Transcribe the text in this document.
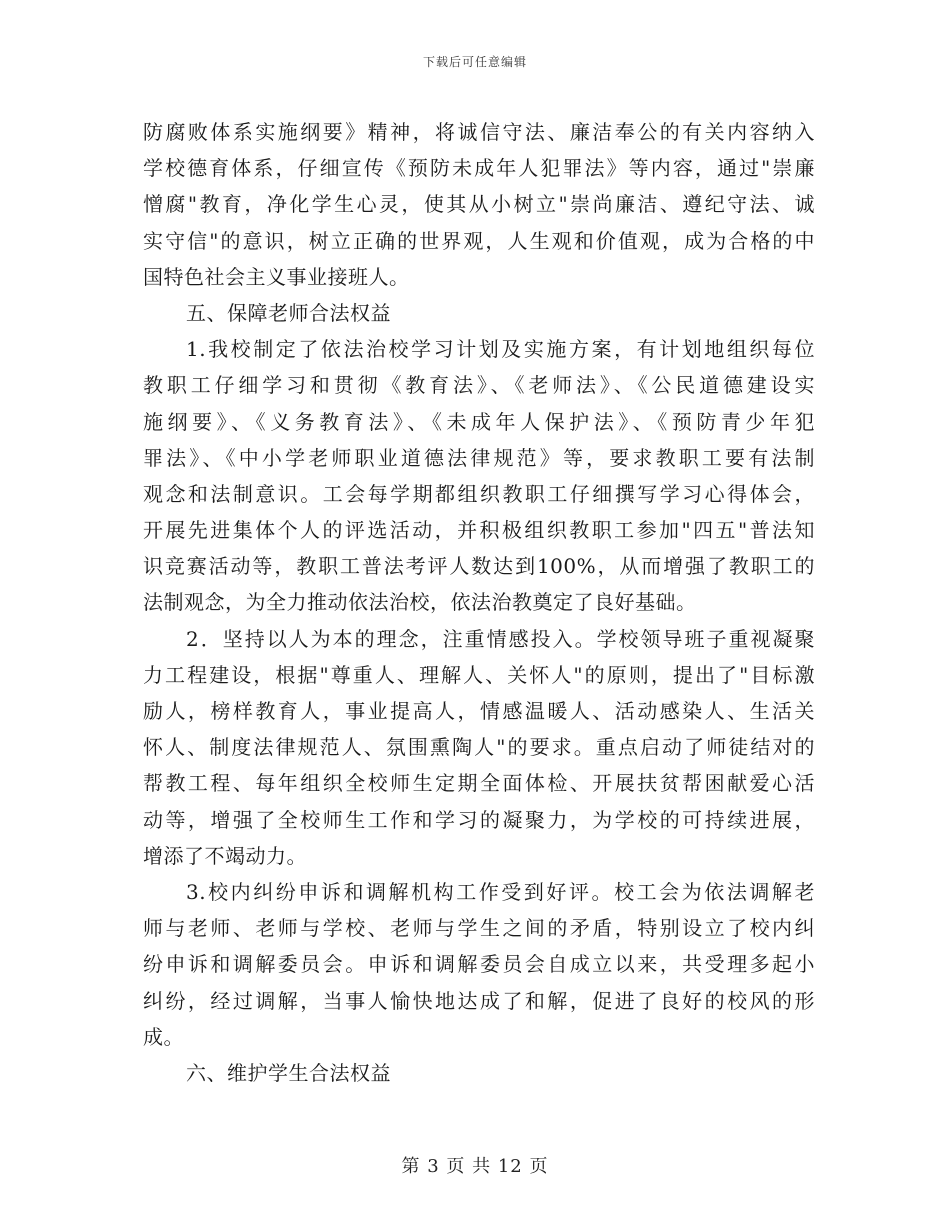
下载后可任意编辑
防腐败体系实施纲要》精神，将诚信守法、廉洁奉公的有关内容纳入
学校德育体系，仔细宣传《预防未成年人犯罪法》等内容，通过"崇廉
憎腐"教育，净化学生心灵，使其从小树立"崇尚廉洁、遵纪守法、诚
实守信"的意识，树立正确的世界观，人生观和价值观，成为合格的中
国特色社会主义事业接班人。
五、保障老师合法权益
1.我校制定了依法治校学习计划及实施方案，有计划地组织每位
教职工仔细学习和贯彻《教育法》、《老师法》、《公民道德建设实
施纲要》、《义务教育法》、《未成年人保护法》、《预防青少年犯
罪法》、《中小学老师职业道德法律规范》等，要求教职工要有法制
观念和法制意识。工会每学期都组织教职工仔细撰写学习心得体会，
开展先进集体个人的评选活动，并积极组织教职工参加"四五"普法知
识竞赛活动等，教职工普法考评人数达到100%，从而增强了教职工的
法制观念，为全力推动依法治校，依法治教奠定了良好基础。
2．坚持以人为本的理念，注重情感投入。学校领导班子重视凝聚
力工程建设，根据"尊重人、理解人、关怀人"的原则，提出了"目标激
励人，榜样教育人，事业提高人，情感温暖人、活动感染人、生活关
怀人、制度法律规范人、氛围熏陶人"的要求。重点启动了师徒结对的
帮教工程、每年组织全校师生定期全面体检、开展扶贫帮困献爱心活
动等，增强了全校师生工作和学习的凝聚力，为学校的可持续进展，
增添了不竭动力。
3.校内纠纷申诉和调解机构工作受到好评。校工会为依法调解老
师与老师、老师与学校、老师与学生之间的矛盾，特别设立了校内纠
纷申诉和调解委员会。申诉和调解委员会自成立以来，共受理多起小
纠纷，经过调解，当事人愉快地达成了和解，促进了良好的校风的形
成。
六、维护学生合法权益
第 3 页 共 12 页
